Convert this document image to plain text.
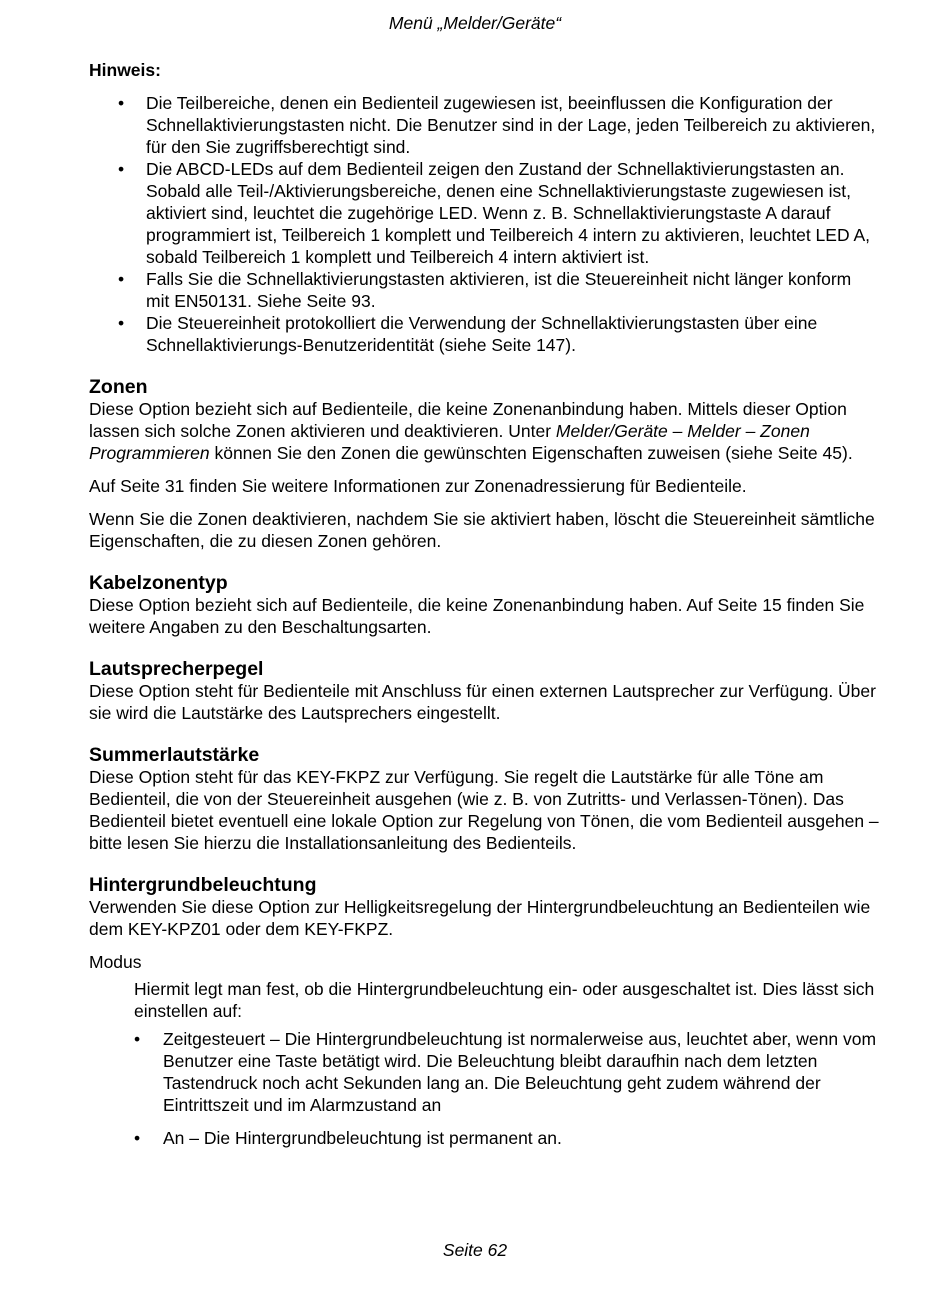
Menü „Melder/Geräte“
Hinweis:
• Die Teilbereiche, denen ein Bedienteil zugewiesen ist, beeinflussen die Konfiguration der Schnellaktivierungstasten nicht. Die Benutzer sind in der Lage, jeden Teilbereich zu aktivieren, für den Sie zugriffsberechtigt sind.
• Die ABCD-LEDs auf dem Bedienteil zeigen den Zustand der Schnellaktivierungstasten an. Sobald alle Teil-/Aktivierungsbereiche, denen eine Schnellaktivierungstaste zugewiesen ist, aktiviert sind, leuchtet die zugehörige LED. Wenn z. B. Schnellaktivierungstaste A darauf programmiert ist, Teilbereich 1 komplett und Teilbereich 4 intern zu aktivieren, leuchtet LED A, sobald Teilbereich 1 komplett und Teilbereich 4 intern aktiviert ist.
• Falls Sie die Schnellaktivierungstasten aktivieren, ist die Steuereinheit nicht länger konform mit EN50131. Siehe Seite 93.
• Die Steuereinheit protokolliert die Verwendung der Schnellaktivierungstasten über eine Schnellaktivierungs-Benutzeridentität (siehe Seite 147).
Zonen

Diese Option bezieht sich auf Bedienteile, die keine Zonenanbindung haben. Mittels dieser Option lassen sich solche Zonen aktivieren und deaktivieren. Unter Melder/Geräte – Melder – Zonen Programmieren können Sie den Zonen die gewünschten Eigenschaften zuweisen (siehe Seite 45).

Auf Seite 31 finden Sie weitere Informationen zur Zonenadressierung für Bedienteile.

Wenn Sie die Zonen deaktivieren, nachdem Sie sie aktiviert haben, löscht die Steuereinheit sämtliche Eigenschaften, die zu diesen Zonen gehören.

Kabelzonentyp

Diese Option bezieht sich auf Bedienteile, die keine Zonenanbindung haben. Auf Seite 15 finden Sie weitere Angaben zu den Beschaltungsarten.

Lautsprecherpegel

Diese Option steht für Bedienteile mit Anschluss für einen externen Lautsprecher zur Verfügung. Über sie wird die Lautstärke des Lautsprechers eingestellt.

Summerlautstärke

Diese Option steht für das KEY-FKPZ zur Verfügung. Sie regelt die Lautstärke für alle Töne am Bedienteil, die von der Steuereinheit ausgehen (wie z. B. von Zutritts- und Verlassen-Tönen). Das Bedienteil bietet eventuell eine lokale Option zur Regelung von Tönen, die vom Bedienteil ausgehen – bitte lesen Sie hierzu die Installationsanleitung des Bedienteils.

Hintergrundbeleuchtung

Verwenden Sie diese Option zur Helligkeitsregelung der Hintergrundbeleuchtung an Bedienteilen wie dem KEY-KPZ01 oder dem KEY-FKPZ.

Modus

Hiermit legt man fest, ob die Hintergrundbeleuchtung ein- oder ausgeschaltet ist. Dies lässt sich einstellen auf:

• Zeitgesteuert – Die Hintergrundbeleuchtung ist normalerweise aus, leuchtet aber, wenn vom Benutzer eine Taste betätigt wird. Die Beleuchtung bleibt daraufhin nach dem letzten Tastendruck noch acht Sekunden lang an. Die Beleuchtung geht zudem während der Eintrittszeit und im Alarmzustand an
• An – Die Hintergrundbeleuchtung ist permanent an.
Seite 62
